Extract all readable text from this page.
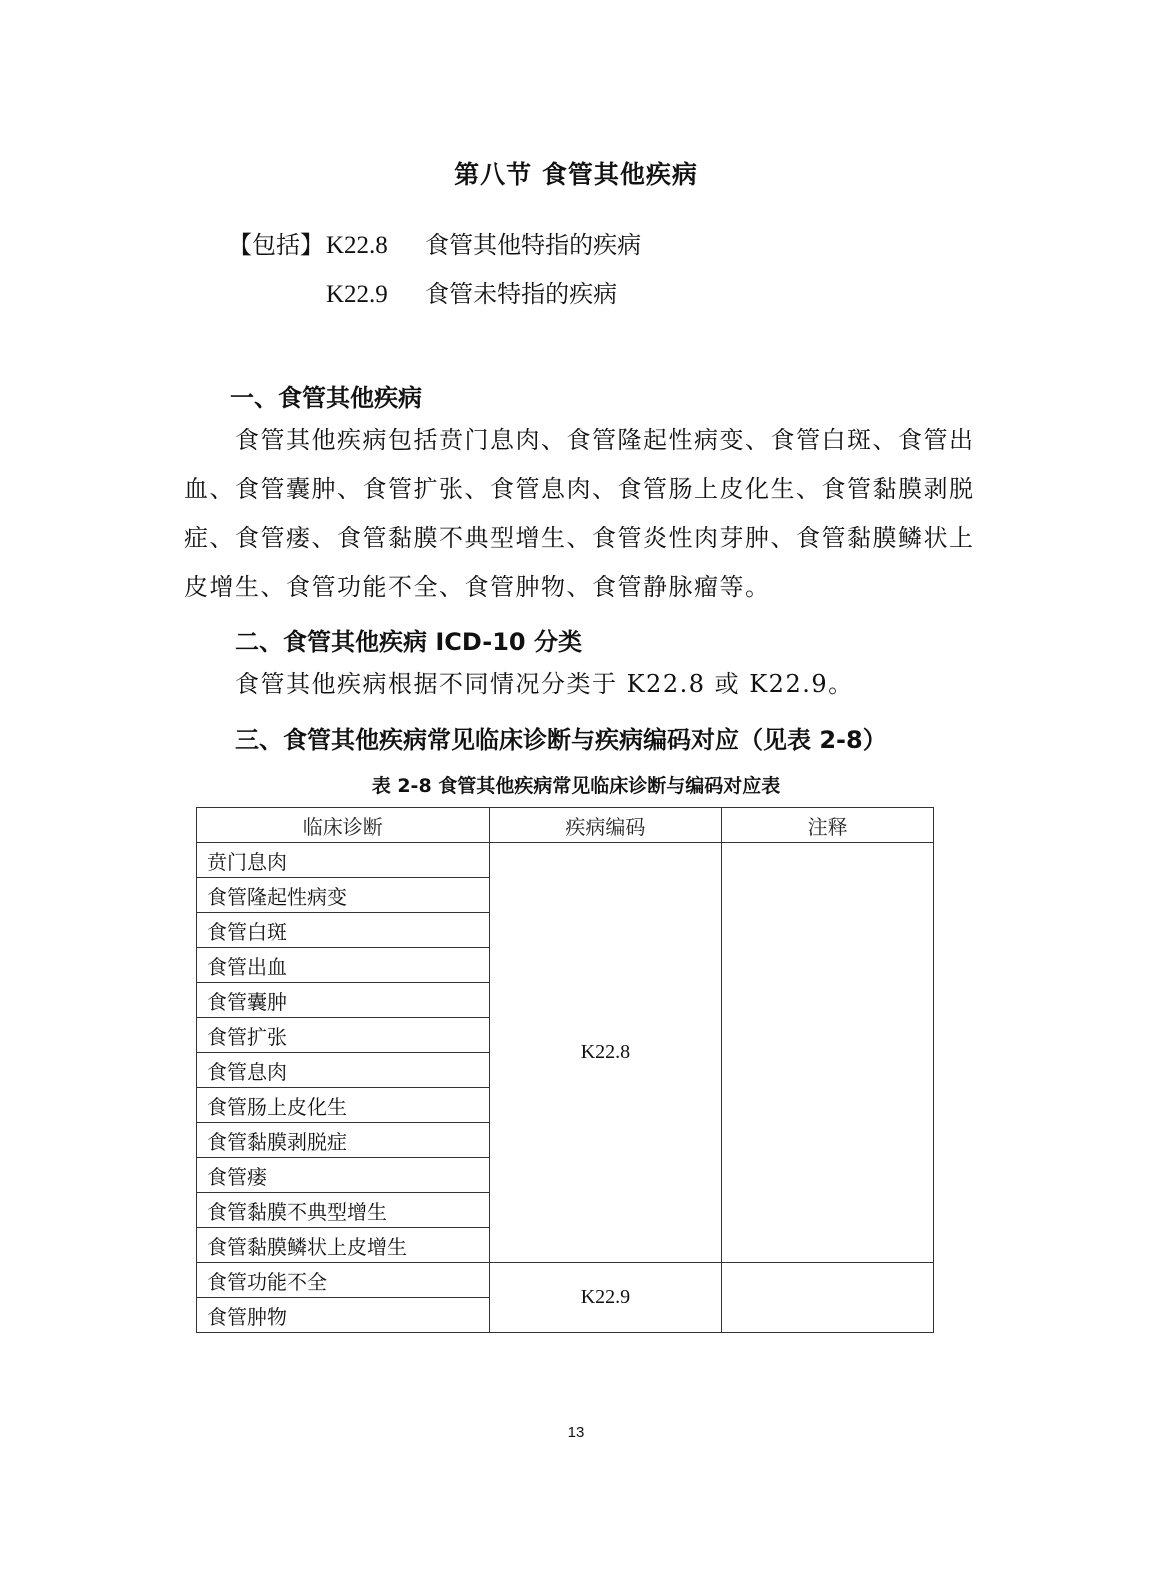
第八节 食管其他疾病
【包括】 K22.8 食管其他特指的疾病
K22.9 食管未特指的疾病
一、食管其他疾病
食管其他疾病包括贲门息肉、食管隆起性病变、食管白斑、食管出
血、食管囊肿、食管扩张、食管息肉、食管肠上皮化生、食管黏膜剥脱
症、食管瘘、食管黏膜不典型增生、食管炎性肉芽肿、食管黏膜鳞状上
皮增生、食管功能不全、食管肿物、食管静脉瘤等。
二、食管其他疾病 ICD-10 分类
食管其他疾病根据不同情况分类于 K22.8 或 K22.9。
三、食管其他疾病常见临床诊断与疾病编码对应（见表 2-8）
表 2-8 食管其他疾病常见临床诊断与编码对应表
临床诊断	疾病编码	注释
贲门息肉	K22.8	
食管隆起性病变		
食管白斑		
食管出血		
食管囊肿		
食管扩张		
食管息肉		
食管肠上皮化生		
食管黏膜剥脱症		
食管瘘		
食管黏膜不典型增生		
食管黏膜鳞状上皮增生		
食管功能不全	K22.9	
食管肿物		
13
